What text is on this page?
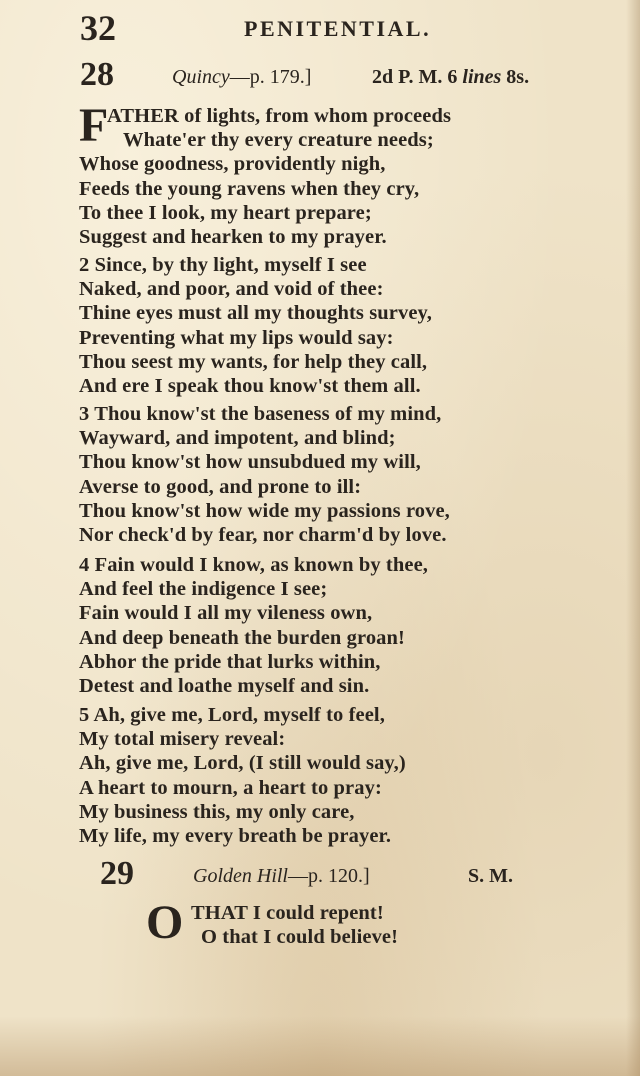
32	PENITENTIAL.
28	Quincy—p. 179.]	2d P. M. 6 lines 8s.
F
ATHER of lights, from whom proceeds
Whate'er thy every creature needs;
Whose goodness, providently nigh,
Feeds the young ravens when they cry,
To thee I look, my heart prepare;
Suggest and hearken to my prayer.
2 Since, by thy light, myself I see
Naked, and poor, and void of thee:
Thine eyes must all my thoughts survey,
Preventing what my lips would say:
Thou seest my wants, for help they call,
And ere I speak thou know'st them all.
3 Thou know'st the baseness of my mind,
Wayward, and impotent, and blind;
Thou know'st how unsubdued my will,
Averse to good, and prone to ill:
Thou know'st how wide my passions rove,
Nor check'd by fear, nor charm'd by love.
4 Fain would I know, as known by thee,
And feel the indigence I see;
Fain would I all my vileness own,
And deep beneath the burden groan!
Abhor the pride that lurks within,
Detest and loathe myself and sin.
5 Ah, give me, Lord, myself to feel,
My total misery reveal:
Ah, give me, Lord, (I still would say,)
A heart to mourn, a heart to pray:
My business this, my only care,
My life, my every breath be prayer.
29	Golden Hill—p. 120.]	S. M.
O THAT I could repent!
O that I could believe!
